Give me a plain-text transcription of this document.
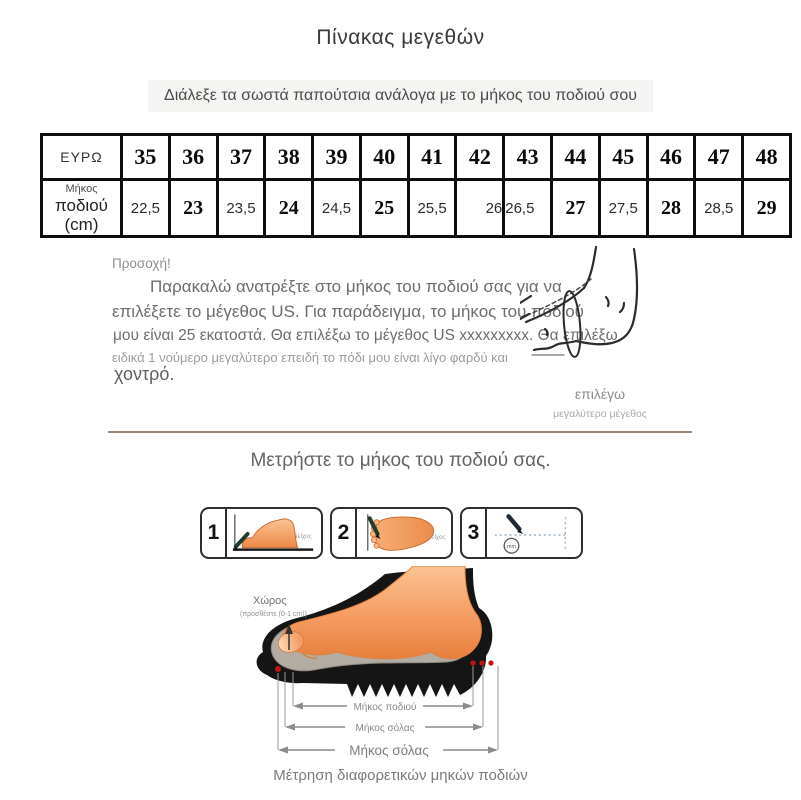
Πίνακας μεγεθών
Διάλεξε τα σωστά παπούτσια ανάλογα με το μήκος του ποδιού σου
ΕΥΡΩ	35	36	37	38	39	40	41	42	43	44	45	46	47	48

Μήκος
ποδιού
(cm)	22,5	23	23,5	24	24,5	25	25,5	26	26,5	27	27,5	28	28,5	29
Προσοχή!
Παρακαλώ ανατρέξτε στο μήκος του ποδιού σας για να
επιλέξετε το μέγεθος US. Για παράδειγμα, το μήκος του ποδιού
μου είναι 25 εκατοστά. Θα επιλέξω το μέγεθος US xxxxxxxxx. Θα επιλέξω
ειδικά 1 νούμερο μεγαλύτερο επειδή το πόδι μου είναι λίγο φαρδύ και
χοντρό.
επιλέγω
μεγαλύτερο μέγεθος
Μετρήστε το μήκος του ποδιού σας.
1	τείχος 2	τείχος 3
mm
Μήκος ποδιού
Μήκος σόλας
Μήκος σόλας
Χώρος
(προσθέστε (0-1 cm))
Μέτρηση διαφορετικών μηκών ποδιών
